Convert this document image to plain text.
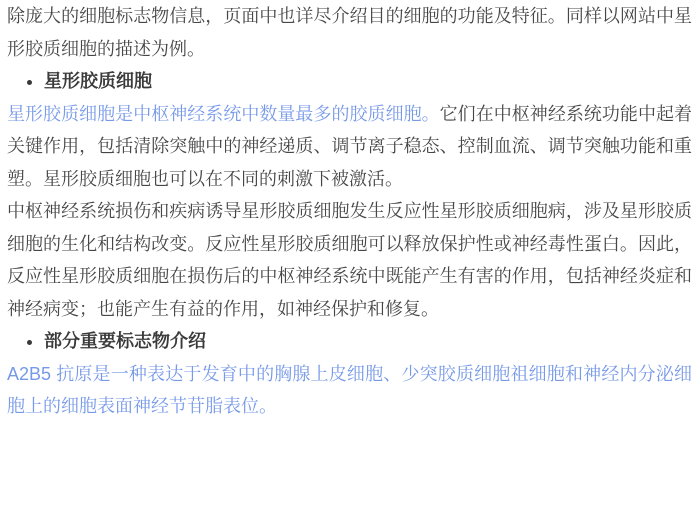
除庞大的细胞标志物信息，页面中也详尽介绍目的细胞的功能及特征。同样以网站中星形胶质细胞的描述为例。

• 星形胶质细胞

星形胶质细胞是中枢神经系统中数量最多的胶质细胞。它们在中枢神经系统功能中起着关键作用，包括清除突触中的神经递质、调节离子稳态、控制血流、调节突触功能和重塑。星形胶质细胞也可以在不同的刺激下被激活。

中枢神经系统损伤和疾病诱导星形胶质细胞发生反应性星形胶质细胞病，涉及星形胶质细胞的生化和结构改变。反应性星形胶质细胞可以释放保护性或神经毒性蛋白。因此，反应性星形胶质细胞在损伤后的中枢神经系统中既能产生有害的作用，包括神经炎症和神经病变；也能产生有益的作用，如神经保护和修复。

• 部分重要标志物介绍

A2B5 抗原是一种表达于发育中的胸腺上皮细胞、少突胶质细胞祖细胞和神经内分泌细胞上的细胞表面神经节苷脂表位。
